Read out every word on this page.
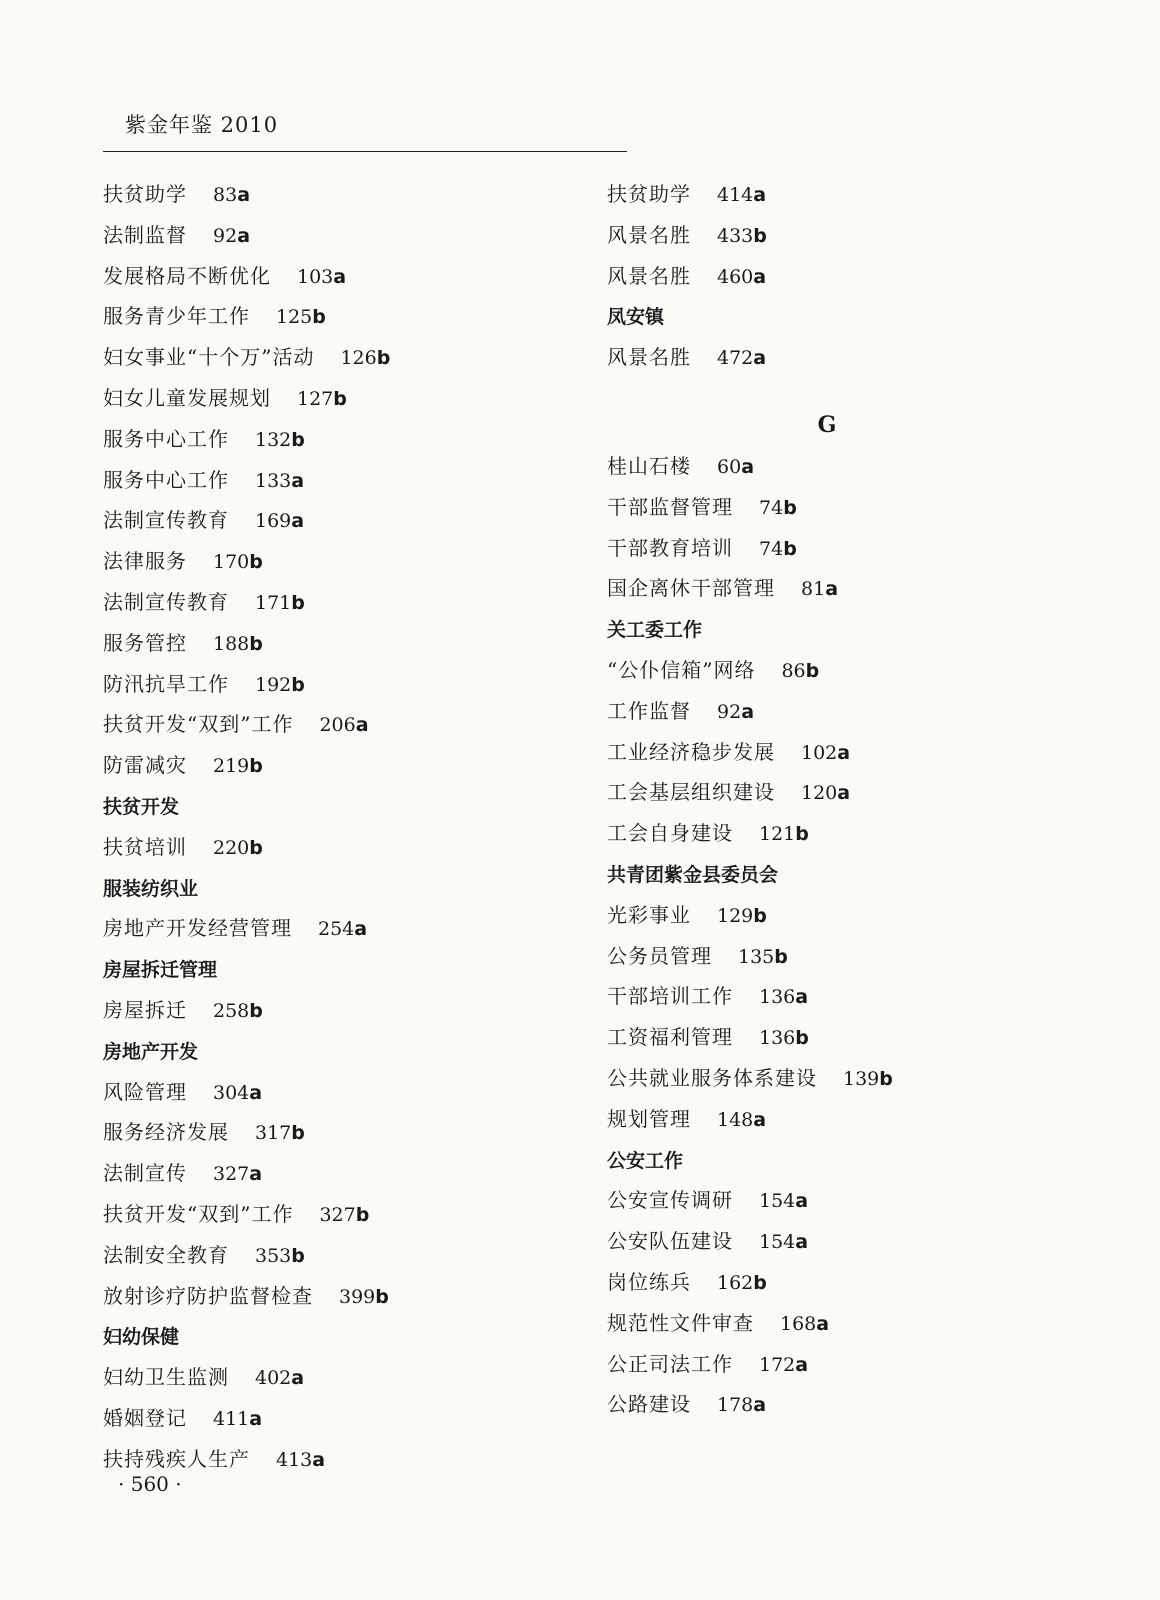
紫金年鉴 2010
扶贫助学 83a
法制监督 92a
发展格局不断优化 103a
服务青少年工作 125b
妇女事业“十个万”活动 126b
妇女儿童发展规划 127b
服务中心工作 132b
服务中心工作 133a
法制宣传教育 169a
法律服务 170b
法制宣传教育 171b
服务管控 188b
防汛抗旱工作 192b
扶贫开发“双到”工作 206a
防雷减灾 219b
扶贫开发
扶贫培训 220b
服装纺织业
房地产开发经营管理 254a
房屋拆迁管理
房屋拆迁 258b
房地产开发
风险管理 304a
服务经济发展 317b
法制宣传 327a
扶贫开发“双到”工作 327b
法制安全教育 353b
放射诊疗防护监督检查 399b
妇幼保健
妇幼卫生监测 402a
婚姻登记 411a
扶持残疾人生产 413a
扶贫助学 414a
风景名胜 433b
风景名胜 460a
凤安镇
风景名胜 472a
G
桂山石楼 60a
干部监督管理 74b
干部教育培训 74b
国企离休干部管理 81a
关工委工作
“公仆信箱”网络 86b
工作监督 92a
工业经济稳步发展 102a
工会基层组织建设 120a
工会自身建设 121b
共青团紫金县委员会
光彩事业 129b
公务员管理 135b
干部培训工作 136a
工资福利管理 136b
公共就业服务体系建设 139b
规划管理 148a
公安工作
公安宣传调研 154a
公安队伍建设 154a
岗位练兵 162b
规范性文件审查 168a
公正司法工作 172a
公路建设 178a
· 560 ·
